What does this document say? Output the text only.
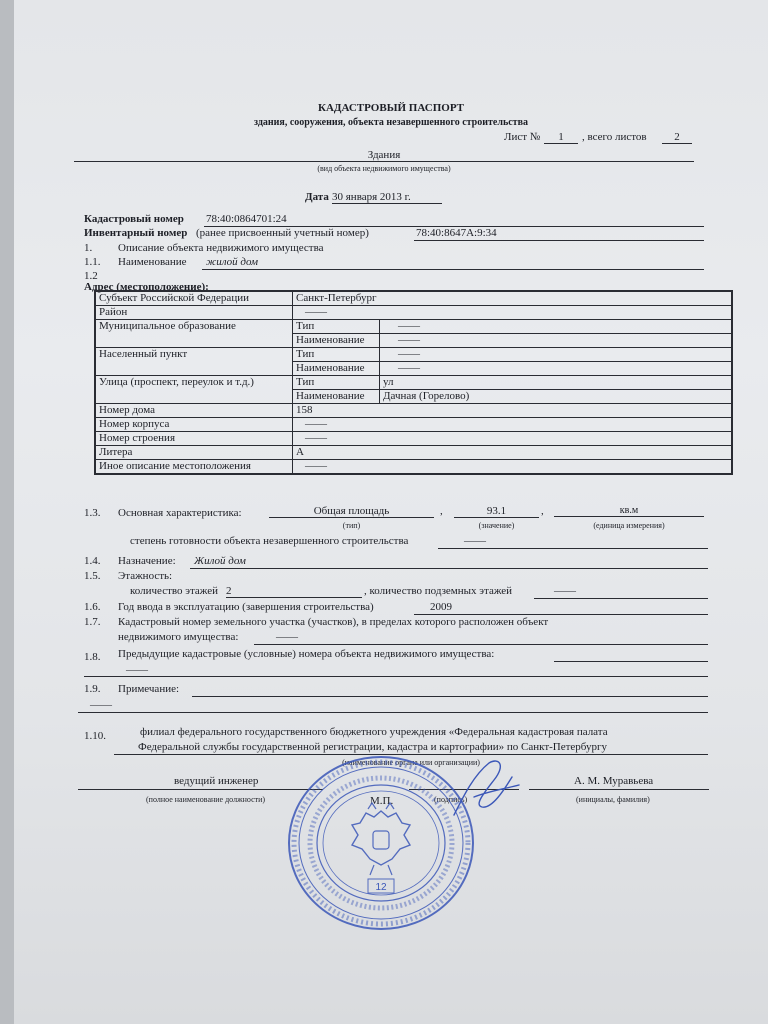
КАДАСТРОВЫЙ ПАСПОРТ
здания, сооружения, объекта незавершенного строительства
Лист №	1	, всего листов	2
Здания
(вид объекта недвижимого имущества)
Дата 30 января 2013 г.
Кадастровый номер 78:40:0864701:24
Инвентарный номер (ранее присвоенный учетный номер)	78:40:8647А:9:34
1. Описание объекта недвижимого имущества
1.1. Наименование жилой дом
1.2
Адрес (местоположение):
Субъект Российской Федерации	Санкт-Петербург	
Район	——	
Муниципальное образование	Тип	——
	Наименование	——
Населенный пункт	Тип	——
	Наименование	——
Улица (проспект, переулок и т.д.)	Тип	ул
	Наименование	Дачная (Горелово)
Номер дома	158	
Номер корпуса	——	
Номер строения	——	
Литера	А	
Иное описание местоположения	——	
1.3. Основная характеристика:	Общая площадь	,	93.1	,	кв.м
(тип)	(значение)	(единица измерения)
степень готовности объекта незавершенного строительства	——
1.4. Назначение: Жилой дом
1.5. Этажность:
количество этажей 2	, количество подземных этажей	——
1.6. Год ввода в эксплуатацию (завершения строительства)	2009
1.7. Кадастровый номер земельного участка (участков), в пределах которого расположен объект
недвижимого имущества:	——
1.8. Предыдущие кадастровые (условные) номера объекта недвижимого имущества:
——
1.9. Примечание:
——
1.10.	филиал федерального государственного бюджетного учреждения «Федеральная кадастровая палата
Федеральной службы государственной регистрации, кадастра и картографии» по Санкт-Петербургу
(наименование органа или организации)
ведущий инженер
(полное наименование должности)	М.П.	(подпись)
А. М. Муравьева
(инициалы, фамилия)
12
